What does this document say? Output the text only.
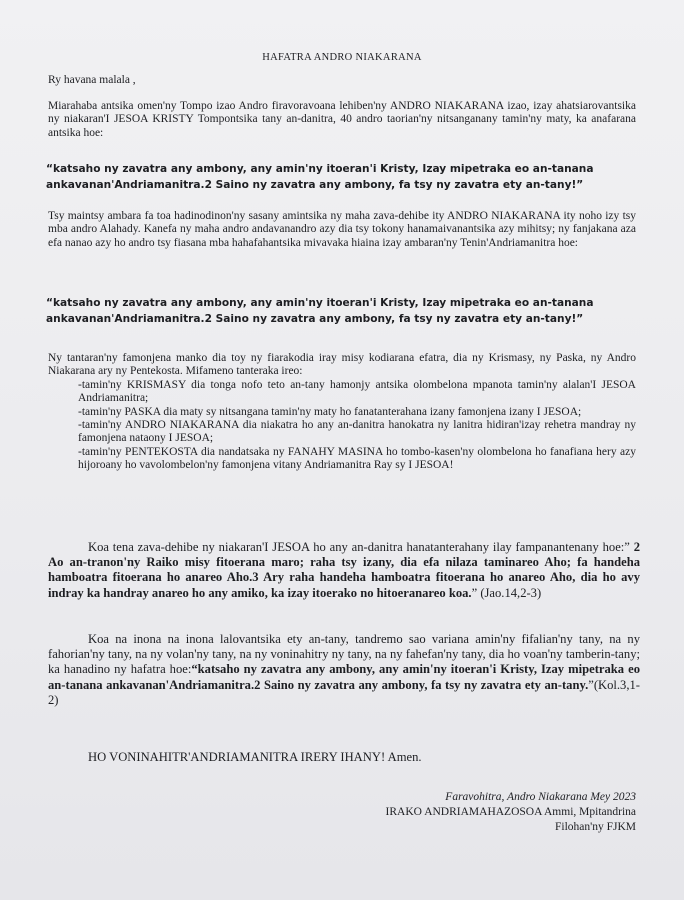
HAFATRA ANDRO NIAKARANA
Ry havana malala ,

Miarahaba antsika omen'ny Tompo izao Andro firavoravoana lehiben'ny ANDRO NIAKARANA izao, izay ahatsiarovantsika ny niakaran'I JESOA KRISTY Tompontsika tany an-danitra, 40 andro taorian'ny nitsanganany tamin'ny maty, ka anafarana antsika hoe:

“katsaho ny zavatra any ambony, any amin'ny itoeran'i Kristy, Izay mipetraka eo an-tanana ankavanan'Andriamanitra.2 Saino ny zavatra any ambony, fa tsy ny zavatra ety an-tany!”

Tsy maintsy ambara fa toa hadinodinon'ny sasany amintsika ny maha zava-dehibe ity ANDRO NIAKARANA ity noho izy tsy mba andro Alahady. Kanefa ny maha andro andavanandro azy dia tsy tokony hanamaivanantsika azy mihitsy; ny fanjakana aza efa nanao azy ho andro tsy fiasana mba hahafahantsika mivavaka hiaina izay ambaran'ny Tenin'Andriamanitra hoe:

“katsaho ny zavatra any ambony, any amin'ny itoeran'i Kristy, Izay mipetraka eo an-tanana ankavanan'Andriamanitra.2 Saino ny zavatra any ambony, fa tsy ny zavatra ety an-tany!”

Ny tantaran'ny famonjena manko dia toy ny fiarakodia iray misy kodiarana efatra, dia ny Krismasy, ny Paska, ny Andro Niakarana ary ny Pentekosta. Mifameno tanteraka ireo:
-tamin'ny KRISMASY dia tonga nofo teto an-tany hamonjy antsika olombelona mpanota tamin'ny alalan'I JESOA Andriamanitra;
-tamin'ny PASKA dia maty sy nitsangana tamin'ny maty ho fanatanterahana izany famonjena izany I JESOA;
-tamin'ny ANDRO NIAKARANA dia niakatra ho any an-danitra hanokatra ny lanitra hidiran'izay rehetra mandray ny famonjena nataony I JESOA;
-tamin'ny PENTEKOSTA dia nandatsaka ny FANAHY MASINA ho tombo-kasen'ny olombelona ho fanafiana hery azy hijoroany ho vavolombelon'ny famonjena vitany Andriamanitra Ray sy I JESOA!

Koa tena zava-dehibe ny niakaran'I JESOA ho any an-danitra hanatanterahany ilay fampanantenany hoe:” 2 Ao an-tranon'ny Raiko misy fitoerana maro; raha tsy izany, dia efa nilaza taminareo Aho; fa handeha hamboatra fitoerana ho anareo Aho.3 Ary raha handeha hamboatra fitoerana ho anareo Aho, dia ho avy indray ka handray anareo ho any amiko, ka izay itoerako no hitoeranareo koa.” (Jao.14,2-3)

Koa na inona na inona lalovantsika ety an-tany, tandremo sao variana amin'ny fifalian'ny tany, na ny fahorian'ny tany, na ny volan'ny tany, na ny voninahitry ny tany, na ny fahefan'ny tany, dia ho voan'ny tamberin-tany; ka hanadino ny hafatra hoe:“katsaho ny zavatra any ambony, any amin'ny itoeran'i Kristy, Izay mipetraka eo an-tanana ankavanan'Andriamanitra.2 Saino ny zavatra any ambony, fa tsy ny zavatra ety an-tany.”(Kol.3,1-2)

HO VONINAHITR'ANDRIAMANITRA IRERY IHANY! Amen.
Faravohitra, Andro Niakarana Mey 2023
IRAKO ANDRIAMAHAZOSOA Ammi, Mpitandrina
Filohan'ny FJKM
